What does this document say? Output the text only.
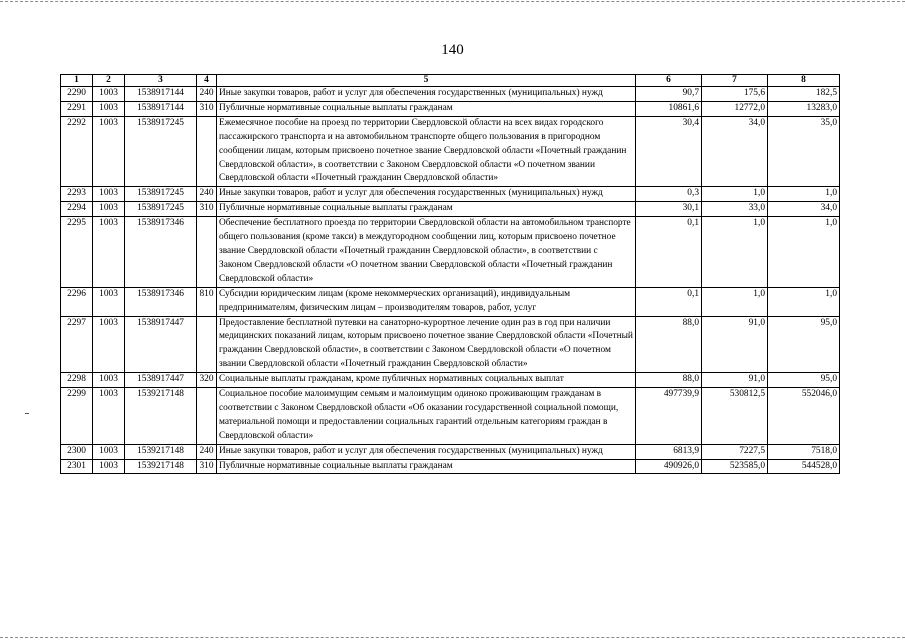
140
1	2	3	4	5	6	7	8
2290	1003	1538917144	240	Иные закупки товаров, работ и услуг для обеспечения государственных (муниципальных) нужд	90,7	175,6	182,5
2291	1003	1538917144	310	Публичные нормативные социальные выплаты гражданам	10861,6	12772,0	13283,0
2292	1003	1538917245		Ежемесячное пособие на проезд по территории Свердловской области на всех видах городского пассажирского транспорта и на автомобильном транспорте общего пользования в пригородном сообщении лицам, которым присвоено почетное звание Свердловской области «Почетный гражданин Свердловской области», в соответствии с Законом Свердловской области «О почетном звании Свердловской области «Почетный гражданин Свердловской области»	30,4	34,0	35,0
2293	1003	1538917245	240	Иные закупки товаров, работ и услуг для обеспечения государственных (муниципальных) нужд	0,3	1,0	1,0
2294	1003	1538917245	310	Публичные нормативные социальные выплаты гражданам	30,1	33,0	34,0
2295	1003	1538917346		Обеспечение бесплатного проезда по территории Свердловской области на автомобильном транспорте общего пользования (кроме такси) в междугородном сообщении лиц, которым присвоено почетное звание Свердловской области «Почетный гражданин Свердловской области», в соответствии с Законом Свердловской области «О почетном звании Свердловской области «Почетный гражданин Свердловской области»	0,1	1,0	1,0
2296	1003	1538917346	810	Субсидии юридическим лицам (кроме некоммерческих организаций), индивидуальным предпринимателям, физическим лицам – производителям товаров, работ, услуг	0,1	1,0	1,0
2297	1003	1538917447		Предоставление бесплатной путевки на санаторно-курортное лечение один раз в год при наличии медицинских показаний лицам, которым присвоено почетное звание Свердловской области «Почетный гражданин Свердловской области», в соответствии с Законом Свердловской области «О почетном звании Свердловской области «Почетный гражданин Свердловской области»	88,0	91,0	95,0
2298	1003	1538917447	320	Социальные выплаты гражданам, кроме публичных нормативных социальных выплат	88,0	91,0	95,0
2299	1003	1539217148		Социальное пособие малоимущим семьям и малоимущим одиноко проживающим гражданам в соответствии с Законом Свердловской области «Об оказании государственной социальной помощи, материальной помощи и предоставлении социальных гарантий отдельным категориям граждан в Свердловской области»	497739,9	530812,5	552046,0
2300	1003	1539217148	240	Иные закупки товаров, работ и услуг для обеспечения государственных (муниципальных) нужд	6813,9	7227,5	7518,0
2301	1003	1539217148	310	Публичные нормативные социальные выплаты гражданам	490926,0	523585,0	544528,0
